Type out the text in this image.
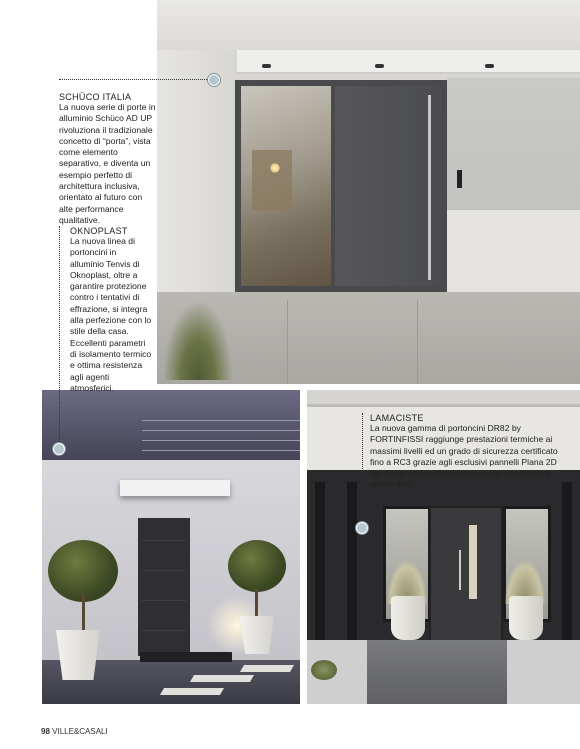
SCHÜCO ITALIA
La nuova serie di porte in alluminio Schüco AD UP rivoluziona il tradizionale concetto di “porta”, vista come elemento separativo, e diventa un esempio perfetto di architettura inclusiva, orientato al futuro con alte performance qualitative.
OKNOPLAST
La nuova linea di portoncini in alluminio Tenvis di Oknoplast, oltre a garantire protezione contro i tentativi di effrazione, si integra alla perfezione con lo stile della casa. Eccellenti parametri di isolamento termico e ottima resistenza agli agenti atmosferici.
LAMACISTE
La nuova gamma di portoncini DR82 by FORTINFISSI raggiunge prestazioni termiche ai massimi livelli ed un grado di sicurezza certificato fino a RC3 grazie agli esclusivi pannelli Plana 2D dal design moderno che nasconde totalmente il profilo anta.
98 VILLE&CASALI
